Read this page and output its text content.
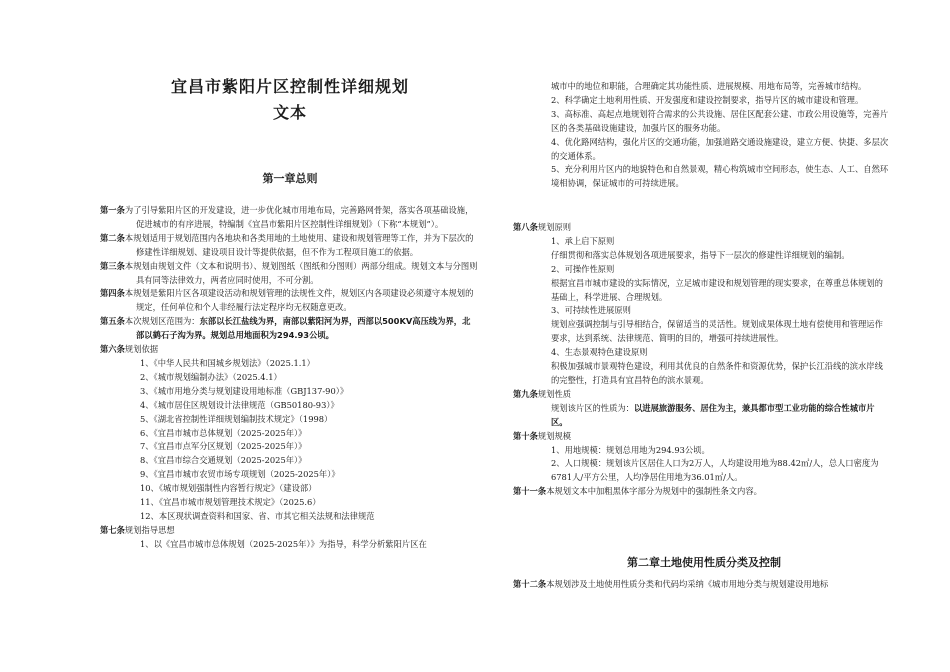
宜昌市紫阳片区控制性详细规划
文本
第一章总则

第一条为了引导紫阳片区的开发建设，进一步优化城市用地布局，完善路网骨架，落实各项基础设施，促进城市的有序进展，特编制《宜昌市紫阳片区控制性详细规划》（下称“本规划”）。

第二条本规划适用于规划范围内各地块和各类用地的土地使用、建设和规划管理等工作，并为下层次的修建性详细规划、建设项目设计等提供依据，但不作为工程项目施工的依据。

第三条本规划由规划文件（文本和说明书）、规划图纸（图纸和分图则）两部分组成。规划文本与分图则具有同等法律效力，两者应同时使用，不可分割。

第四条本规划是紫阳片区各项建设活动和规划管理的法规性文件，规划区内各项建设必须遵守本规划的规定，任何单位和个人非经履行法定程序均无权随意更改。

第五条本次规划区范围为：东部以长江盐线为界，南部以紫阳河为界，西部以500KV高压线为界，北部以鹤石子沟为界。规划总用地面积为294.93公顷。

第六条规划依据

1、《中华人民共和国城乡规划法》（2025.1.1）

2、《城市规划编制办法》（2025.4.1）

3、《城市用地分类与规划建设用地标准（GBJ137-90）》

4、《城市居住区规划设计法律规范（GB50180-93）》

5、《湖北省控制性详细规划编制技术规定》（1998）

6、《宜昌市城市总体规划（2025-2025年）》

7、《宜昌市点军分区规划（2025-2025年）》

8、《宜昌市综合交通规划（2025-2025年）》

9、《宜昌市城市农贸市场专项规划（2025-2025年）》

10、《城市规划强制性内容暂行规定》（建设部）

11、《宜昌市城市规划管理技术规定》（2025.6）

12、本区现状调查资料和国家、省、市其它相关法规和法律规范

第七条规划指导思想

1、以《宜昌市城市总体规划（2025-2025年）》为指导，科学分析紫阳片区在

城市中的地位和职能，合理确定其功能性质、进展规模、用地布局等，完善城市结构。

2、科学确定土地利用性质、开发强度和建设控制要求，指导片区的城市建设和管理。

3、高标准、高起点地规划符合需求的公共设施、居住区配套公建、市政公用设施等，完善片区的各类基础设施建设，加强片区的服务功能。

4、优化路网结构，强化片区的交通功能，加强道路交通设施建设，建立方便、快捷、多层次的交通体系。

5、充分利用片区内的地貌特色和自然景观，精心构筑城市空间形态，使生态、人工、自然环境相协调，保证城市的可持续进展。

第八条规划原则

1、承上启下原则

仔细贯彻和落实总体规划各项进展要求，指导下一层次的修建性详细规划的编制。

2、可操作性原则

根据宜昌市城市建设的实际情况，立足城市建设和规划管理的现实要求，在尊重总体规划的基础上，科学进展、合理规划。

3、可持续性进展原则

规划应强调控制与引导相结合，保留适当的灵活性。规划成果体现土地有偿使用和管理运作要求，达到系统、法律规范、简明的目的，增强可持续进展性。

4、生态景观特色建设原则

积极加强城市景观特色建设，利用其优良的自然条件和资源优势，保护长江沿线的滨水岸线的完整性，打造具有宜昌特色的滨水景观。

第九条规划性质

规划该片区的性质为：以进展旅游服务、居住为主，兼具都市型工业功能的综合性城市片区。

第十条规划规模

1、用地规模：规划总用地为294.93公顷。

2、人口规模：规划该片区居住人口为2万人，人均建设用地为88.42㎡/人，总人口密度为6781人/平方公里，人均净居住用地为36.01㎡/人。

第十一条本规划文本中加粗黑体字部分为规划中的强制性条文内容。

第二章土地使用性质分类及控制
第十二条本规划涉及土地使用性质分类和代码均采纳《城市用地分类与规划建设用地标
